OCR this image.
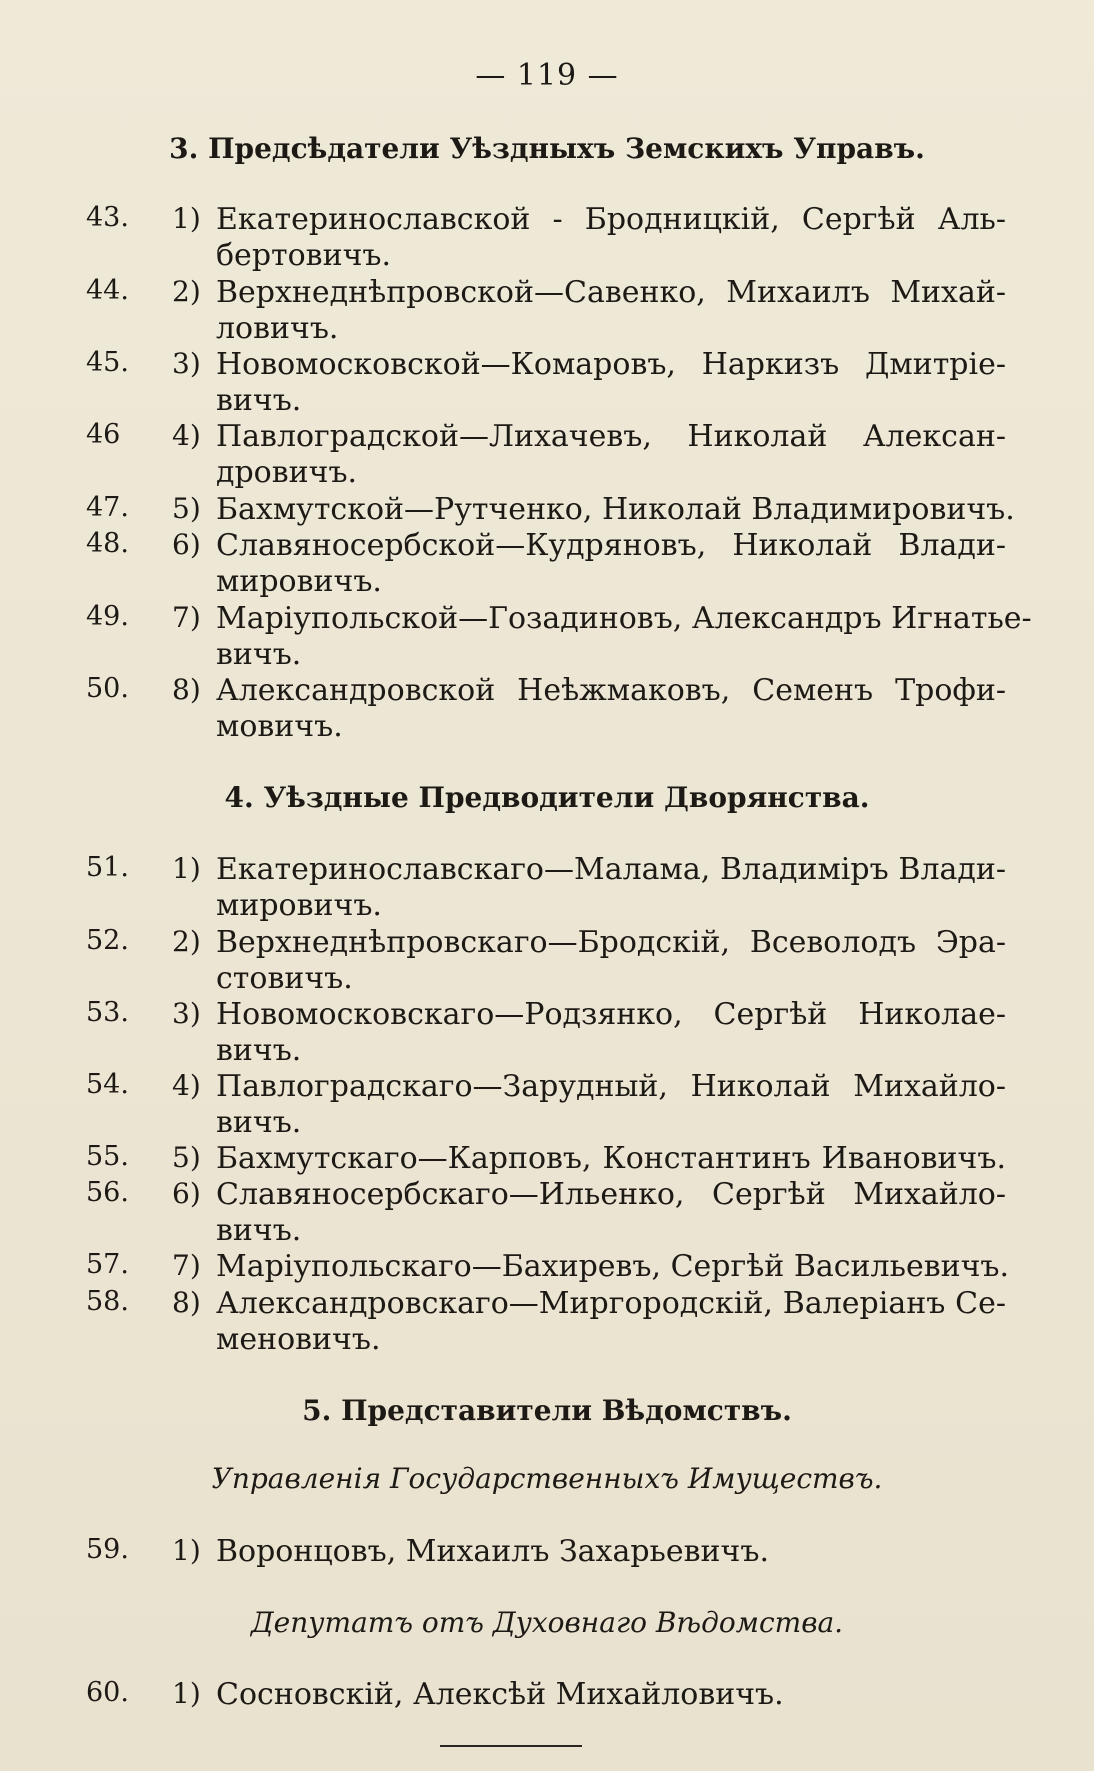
— 119 —
3. Предсѣдатели Уѣздныхъ Земскихъ Управъ.
43.	1) Екатеринославской - Бродницкій, Сергѣй Аль-
бертовичъ.
44.	2) Верхнеднѣпровской—Савенко, Михаилъ Михай-
ловичъ.
45.	3) Новомосковской—Комаровъ, Наркизъ Дмитріе-
вичъ.
46	4) Павлоградской—Лихачевъ, Николай Алексан-
дровичъ.
47.	5) Бахмутской—Рутченко, Николай Владимировичъ.
48.	6) Славяносербской—Кудряновъ, Николай Влади-
мировичъ.
49.	7) Маріупольской—Гозадиновъ, Александръ Игнатье-
вичъ.
50.	8) Александровской Неѣжмаковъ, Семенъ Трофи-
мовичъ.
4. Уѣздные Предводители Дворянства.
51.	1) Екатеринославскаго—Малама, Владиміръ Влади-
мировичъ.
52.	2) Верхнеднѣпровскаго—Бродскій, Всеволодъ Эра-
стовичъ.
53.	3) Новомосковскаго—Родзянко, Сергѣй Николае-
вичъ.
54.	4) Павлоградскаго—Зарудный, Николай Михайло-
вичъ.
55.	5) Бахмутскаго—Карповъ, Константинъ Ивановичъ.
56.	6) Славяносербскаго—Ильенко, Сергѣй Михайло-
вичъ.
57.	7) Маріупольскаго—Бахиревъ, Сергѣй Васильевичъ.
58.	8) Александровскаго—Миргородскій, Валеріанъ Се-
меновичъ.
5. Представители Вѣдомствъ.
Управленія Государственныхъ Имуществъ.
59.	1) Воронцовъ, Михаилъ Захарьевичъ.
Депутатъ отъ Духовнаго Вѣдомства.
60.	1) Сосновскій, Алексѣй Михайловичъ.
